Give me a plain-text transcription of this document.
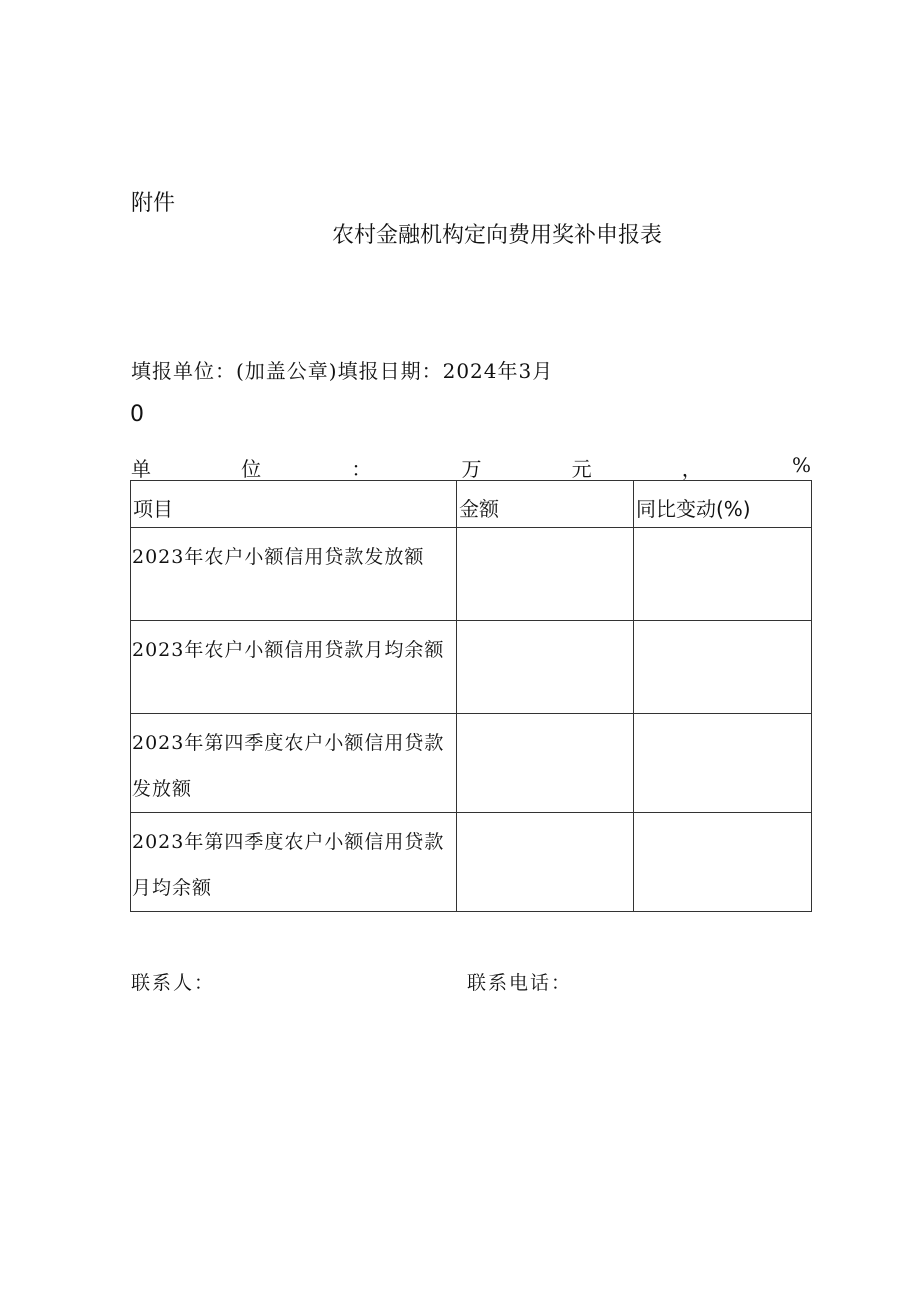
附件
农村金融机构定向费用奖补申报表
填报单位：(加盖公章)填报日期：2024年3月
0
单	位	：	万	元	，	%
项目	金额	同比变动(%)

2023年农户小额信用贷款发放额		

2023年农户小额信用贷款月均余额		

2023年第四季度农户小额信用贷款发放额		

2023年第四季度农户小额信用贷款月均余额		

联系人：	联系电话：
